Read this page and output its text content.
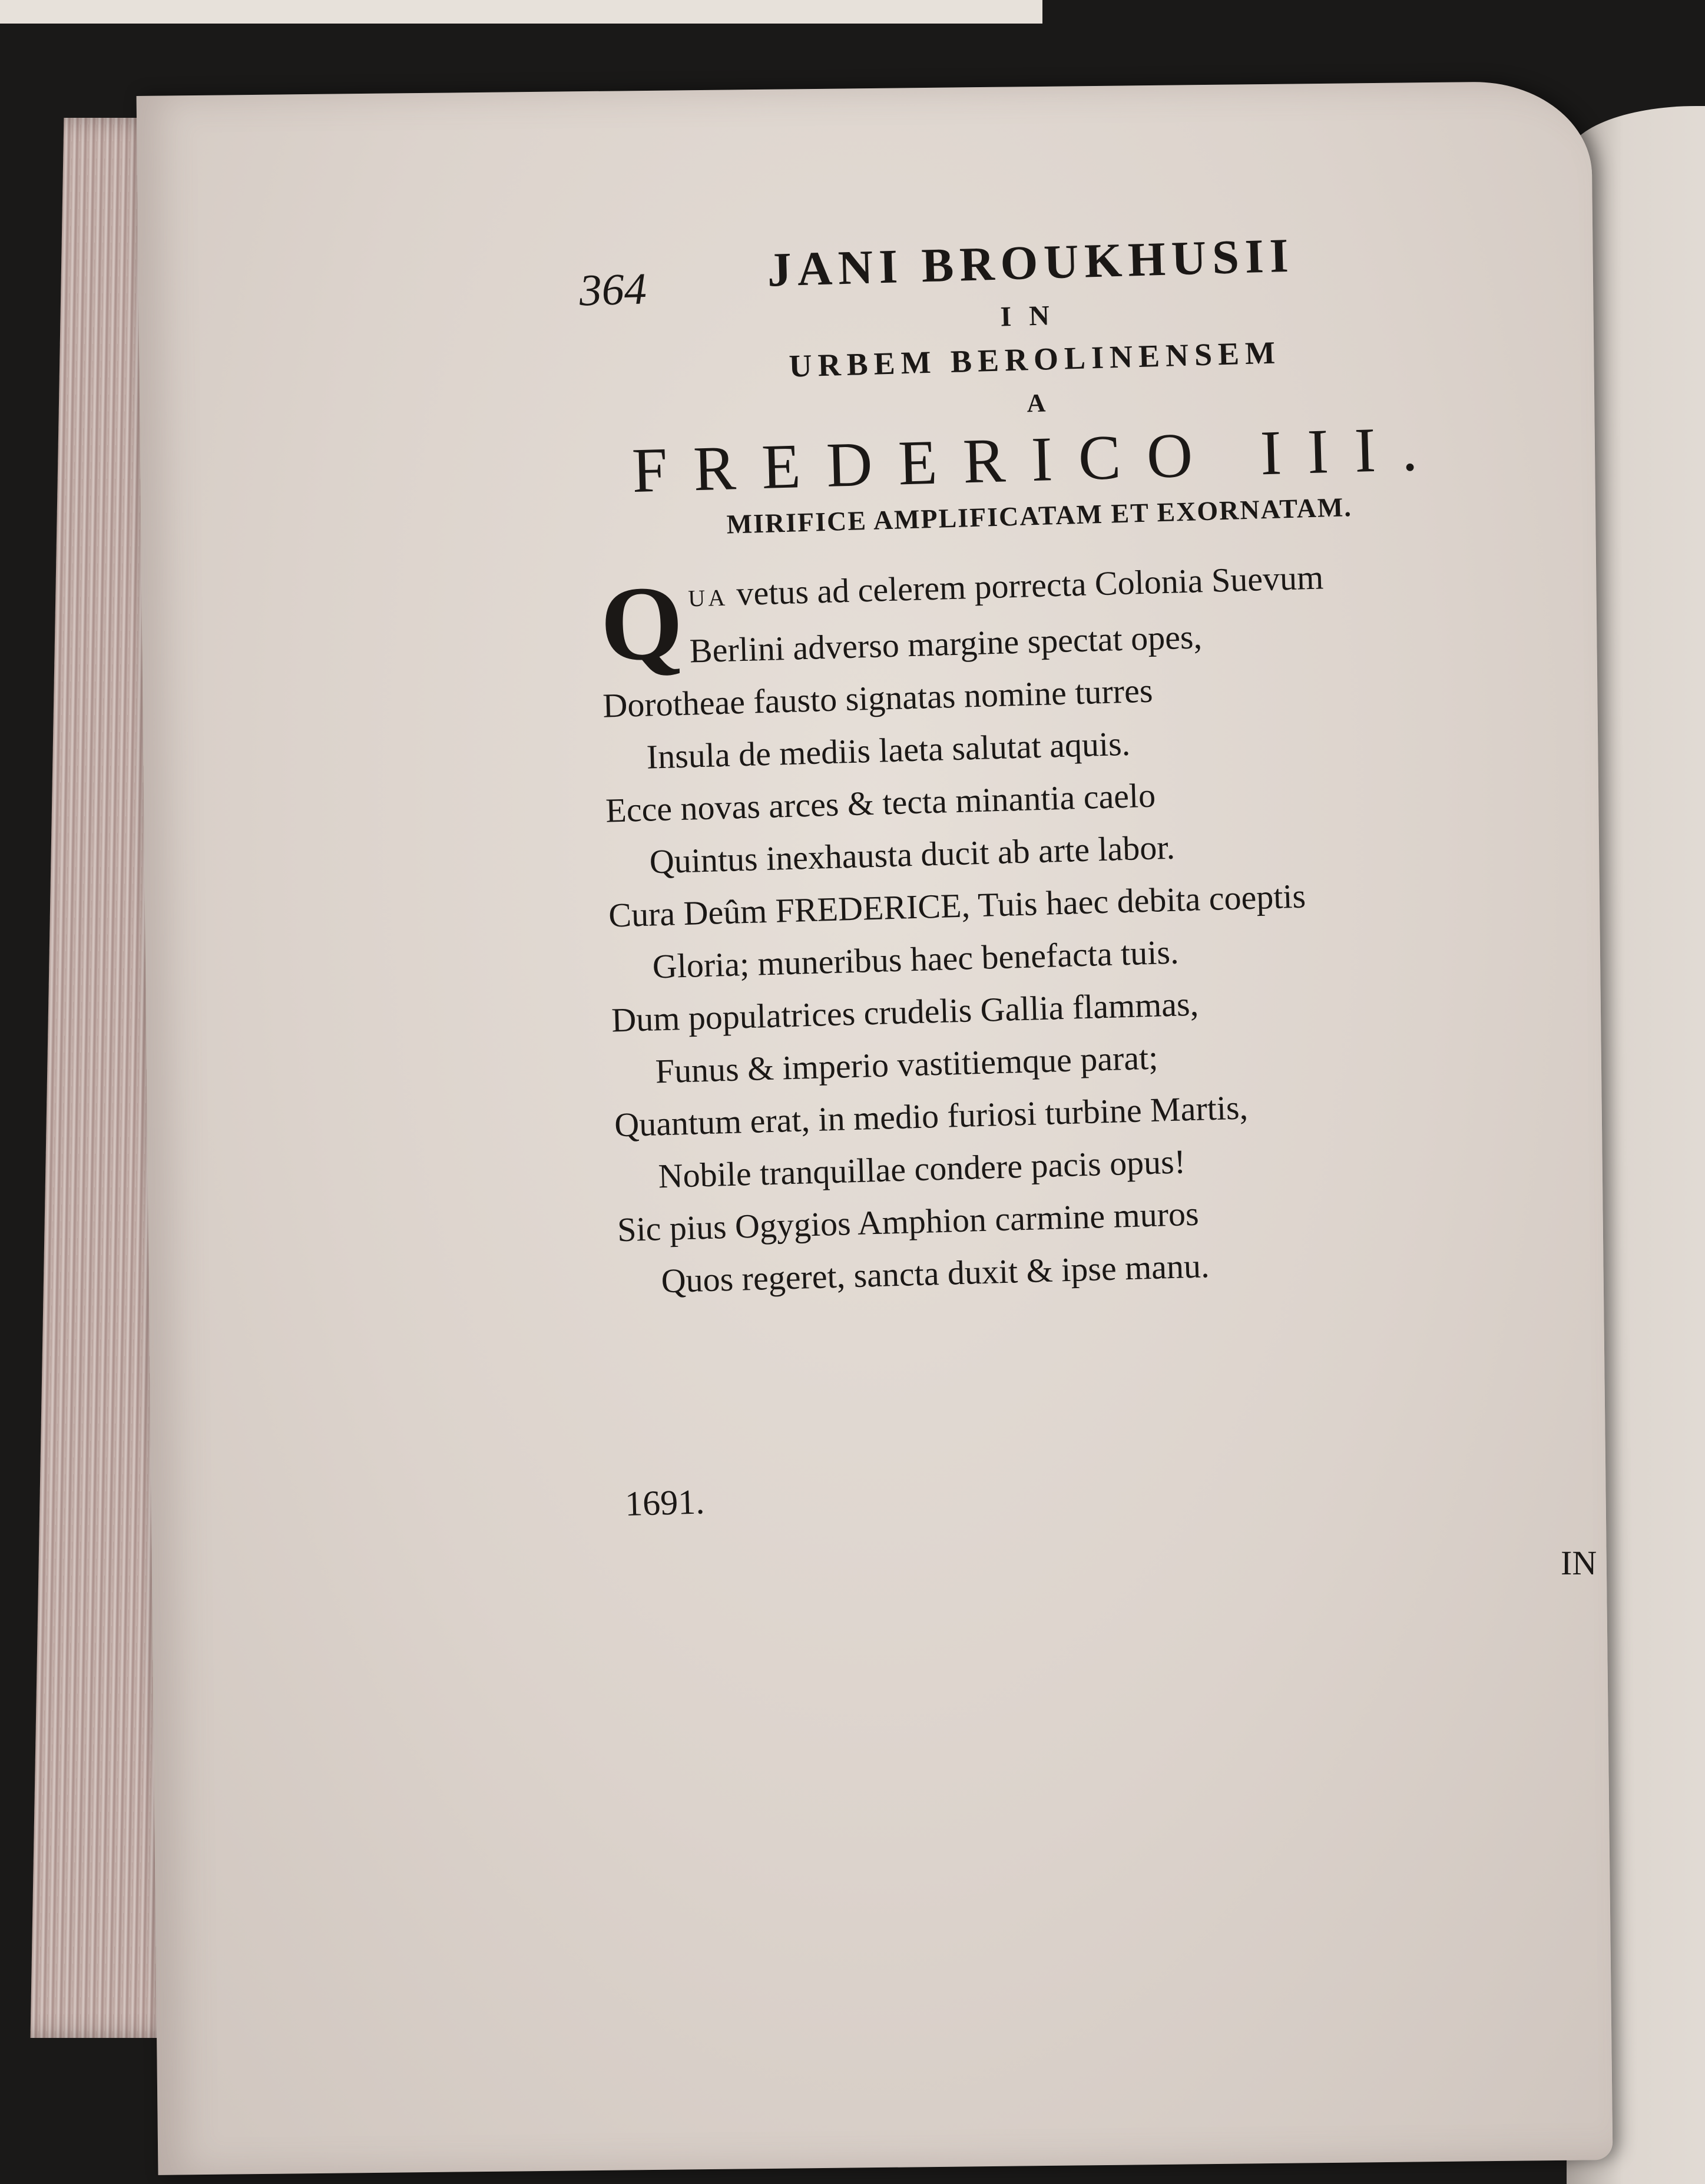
364 JANI BROUKHUSII
IN
URBEM BEROLINENSEM
A
FREDERICO III.
MIRIFICE AMPLIFICATAM ET EXORNATAM.
Q UA vetus ad celerem porrecta Colonia Suevum
Berlini adverso margine spectat opes,
Dorotheae fausto signatas nomine turres
Insula de mediis laeta salutat aquis.
Ecce novas arces & tecta minantia caelo
Quintus inexhausta ducit ab arte labor.
Cura Deûm FREDERICE, Tuis haec debita coeptis
Gloria; muneribus haec benefacta tuis.
Dum populatrices crudelis Gallia flammas,
Funus & imperio vastitiemque parat;
Quantum erat, in medio furiosi turbine Martis,
Nobile tranquillae condere pacis opus!
Sic pius Ogygios Amphion carmine muros
Quos regeret, sancta duxit & ipse manu.
1691.
IN
